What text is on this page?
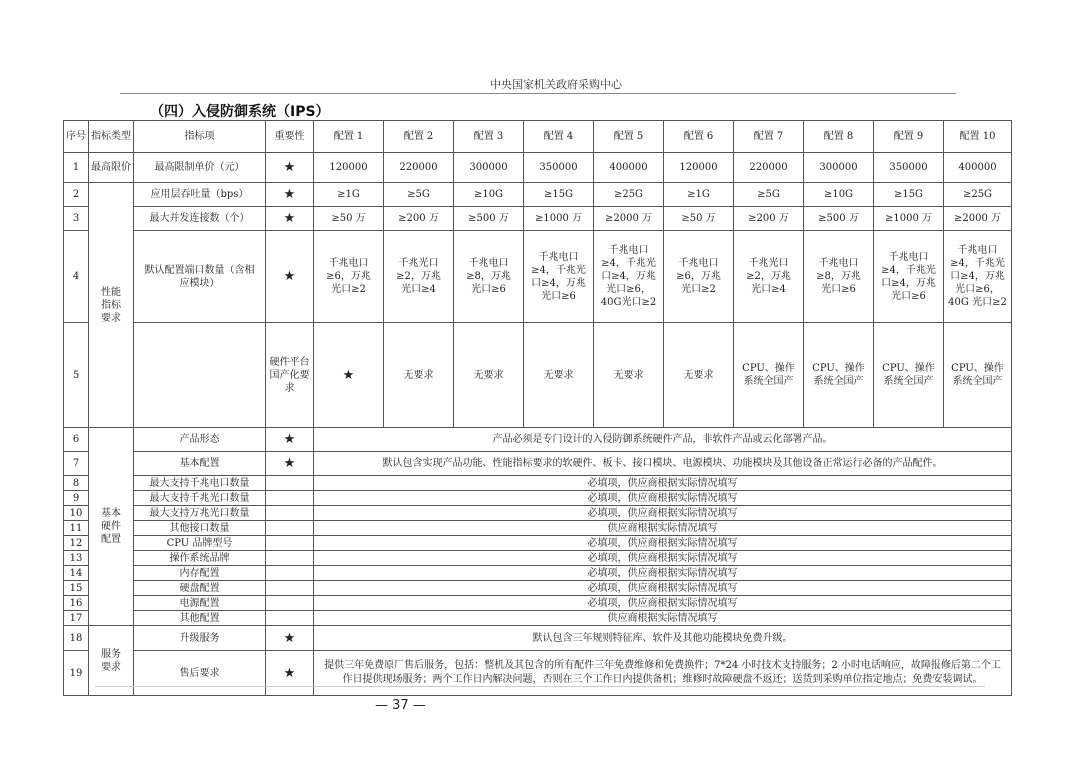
中央国家机关政府采购中心
（四）入侵防御系统（IPS）
序号	指标类型	指标项	重要性	配置 1	配置 2	配置 3	配置 4	配置 5	配置 6	配置 7	配置 8	配置 9	配置 10	
1	最高限价	最高限制单价（元）	★	120000	220000	300000	350000	400000	120000	220000	300000	350000	400000	
2	性能指标要求	应用层吞吐量（bps）	★	≥1G	≥5G	≥10G	≥15G	≥25G	≥1G	≥5G	≥10G	≥15G	≥25G	
3		最大并发连接数（个）	★	≥50 万	≥200 万	≥500 万	≥1000 万	≥2000 万	≥50 万	≥200 万	≥500 万	≥1000 万	≥2000 万	
4		默认配置端口数量（含相应模块）	★	千兆电口≥6，万兆光口≥2	千兆光口≥2，万兆光口≥4	千兆电口≥8，万兆光口≥6	千兆电口≥4，千兆光口≥4，万兆光口≥6	千兆电口≥4，千兆光口≥4，万兆光口≥6，40G光口≥2	千兆电口≥6，万兆光口≥2	千兆光口≥2，万兆光口≥4	千兆电口≥8，万兆光口≥6	千兆电口≥4，千兆光口≥4，万兆光口≥6	千兆电口≥4，千兆光口≥4，万兆光口≥6，40G 光口≥2	
5			硬件平台国产化要求	★	无要求	无要求	无要求	无要求	无要求	CPU、操作系统全国产	CPU、操作系统全国产	CPU、操作系统全国产	CPU、操作系统全国产	
6	基本硬件配置	产品形态	★	产品必须是专门设计的入侵防御系统硬件产品，非软件产品或云化部署产品。										
7		基本配置	★	默认包含实现产品功能、性能指标要求的软硬件、板卡、接口模块、电源模块、功能模块及其他设备正常运行必备的产品配件。										
8		最大支持千兆电口数量		必填项，供应商根据实际情况填写										
9		最大支持千兆光口数量		必填项，供应商根据实际情况填写										
10		最大支持万兆光口数量		必填项，供应商根据实际情况填写										
11		其他接口数量		供应商根据实际情况填写										
12		CPU 品牌型号		必填项，供应商根据实际情况填写										
13		操作系统品牌		必填项，供应商根据实际情况填写										
14		内存配置		必填项，供应商根据实际情况填写										
15		硬盘配置		必填项，供应商根据实际情况填写										
16		电源配置		必填项，供应商根据实际情况填写										
17		其他配置		供应商根据实际情况填写										
18	服务要求	升级服务	★	默认包含三年规则特征库、软件及其他功能模块免费升级。										
19		售后要求	★	提供三年免费原厂售后服务，包括：整机及其包含的所有配件三年免费维修和免费换件；7*24 小时技术支持服务；2 小时电话响应，故障报修后第二个工作日提供现场服务；两个工作日内解决问题，否则在三个工作日内提供备机；维修时故障硬盘不返还；送货到采购单位指定地点；免费安装调试。										
— 37 —
